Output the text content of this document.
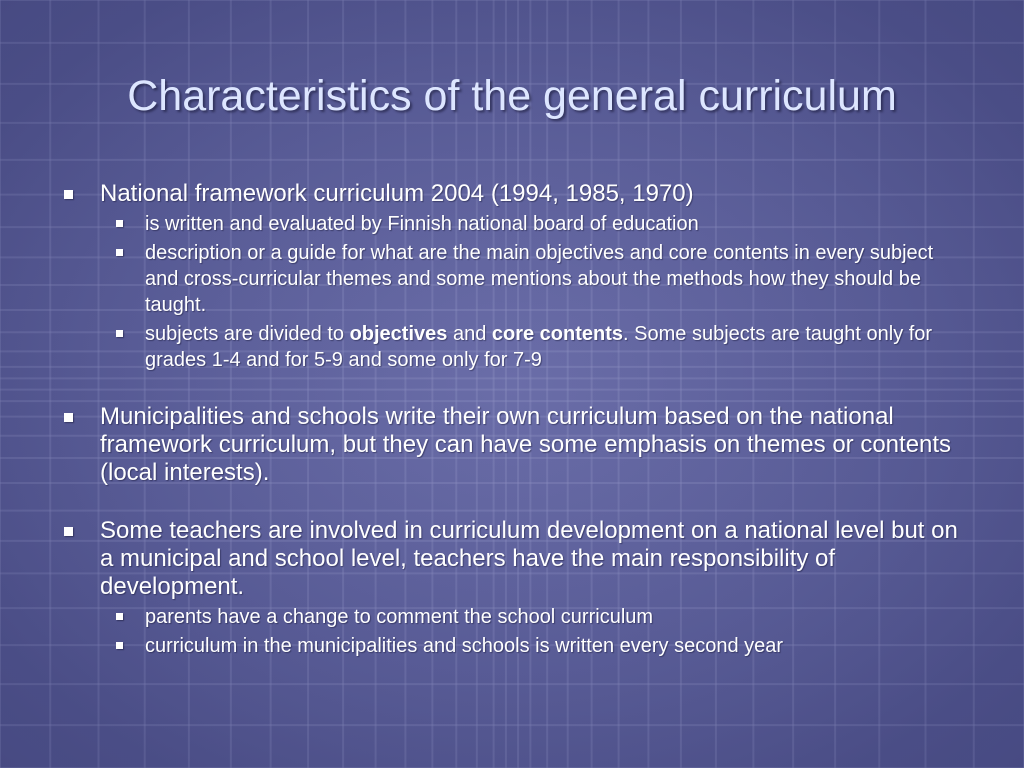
Characteristics of the general curriculum
National framework curriculum 2004 (1994, 1985, 1970)
is written and evaluated by Finnish national board of education
description or a guide for what are the main objectives and core contents in every subject and cross-curricular themes and some mentions about the methods how they should be taught.
subjects are divided to objectives and core contents. Some subjects are taught only for grades 1-4 and for 5-9 and some only for 7-9
Municipalities and schools write their own curriculum based on the national framework curriculum, but they can have some emphasis on themes or contents (local interests).
Some teachers are involved in curriculum development on a national level but on a municipal and school level, teachers have the main responsibility of development.
parents have a change to comment the school curriculum
curriculum in the municipalities and schools is written every second year
